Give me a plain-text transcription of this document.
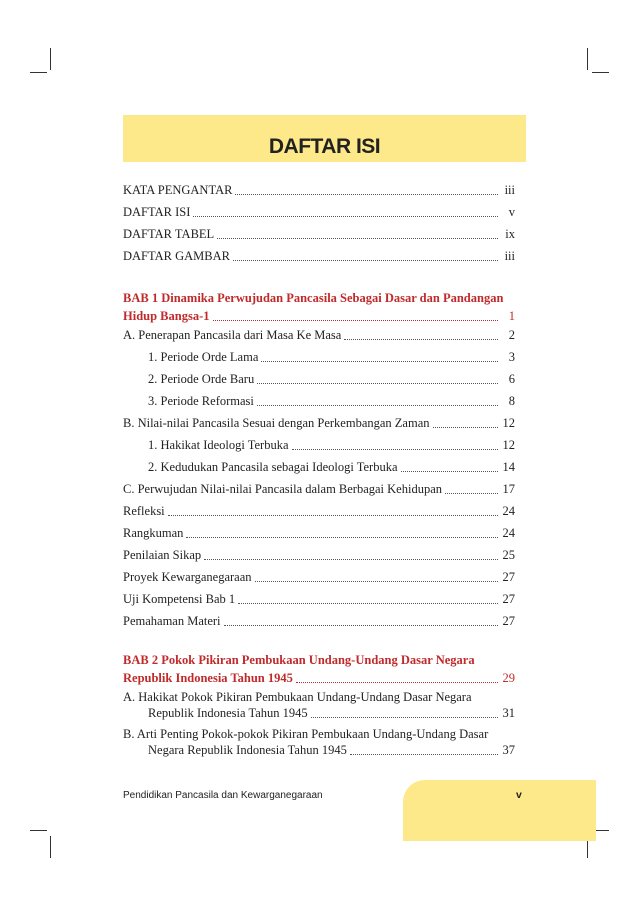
DAFTAR ISI
KATA PENGANTAR	iii
DAFTAR ISI	v
DAFTAR TABEL	ix
DAFTAR GAMBAR	iii
BAB 1 Dinamika Perwujudan Pancasila Sebagai Dasar dan Pandangan
Hidup Bangsa-1	1
A. Penerapan Pancasila dari Masa Ke Masa	2
1. Periode Orde Lama	3
2. Periode Orde Baru	6
3. Periode Reformasi	8
B. Nilai-nilai Pancasila Sesuai dengan Perkembangan Zaman	12
1. Hakikat Ideologi Terbuka	12
2. Kedudukan Pancasila sebagai Ideologi Terbuka	14
C. Perwujudan Nilai-nilai Pancasila dalam Berbagai Kehidupan	17
Refleksi	24
Rangkuman	24
Penilaian Sikap	25
Proyek Kewarganegaraan	27
Uji Kompetensi Bab 1	27
Pemahaman Materi	27
BAB 2 Pokok Pikiran Pembukaan Undang-Undang Dasar Negara
Republik Indonesia Tahun 1945	29
A. Hakikat Pokok Pikiran Pembukaan Undang-Undang Dasar Negara
Republik Indonesia Tahun 1945	31
B. Arti Penting Pokok-pokok Pikiran Pembukaan Undang-Undang Dasar
Negara Republik Indonesia Tahun 1945	37
Pendidikan Pancasila dan Kewarganegaraan	v
